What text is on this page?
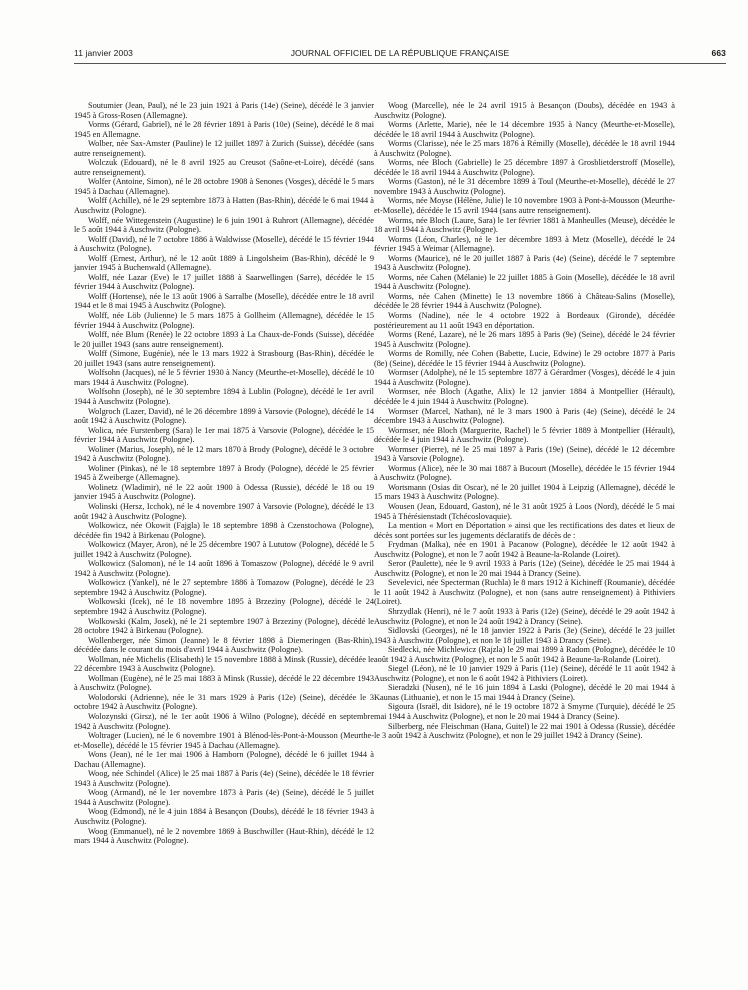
11 janvier 2003	JOURNAL OFFICIEL DE LA RÉPUBLIQUE FRANÇAISE	663

Soutumier (Jean, Paul), né le 23 juin 1921 à Paris (14e) (Seine), décédé le 3 janvier 1945 à Gross-Rosen (Allemagne).

Vorms (Gérard, Gabriel), né le 28 février 1891 à Paris (10e) (Seine), décédé le 8 mai 1945 en Allemagne.

Wolber, née Sax-Amster (Pauline) le 12 juillet 1897 à Zurich (Suisse), décédée (sans autre renseignement).

Wolczuk (Edouard), né le 8 avril 1925 au Creusot (Saône-et-Loire), décédé (sans autre renseignement).

Wolfer (Antoine, Simon), né le 28 octobre 1908 à Senones (Vosges), décédé le 5 mars 1945 à Dachau (Allemagne).

Wolff (Achille), né le 29 septembre 1873 à Hatten (Bas-Rhin), décédé le 6 mai 1944 à Auschwitz (Pologne).

Wolff, née Wittegenstein (Augustine) le 6 juin 1901 à Ruhrort (Allemagne), décédée le 5 août 1944 à Auschwitz (Pologne).

Wolff (David), né le 7 octobre 1886 à Waldwisse (Moselle), décédé le 15 février 1944 à Auschwitz (Pologne).

Wolff (Ernest, Arthur), né le 12 août 1889 à Lingolsheim (Bas-Rhin), décédé le 9 janvier 1945 à Buchenwald (Allemagne).

Wolff, née Lazar (Eve) le 17 juillet 1888 à Saarwellingen (Sarre), décédée le 15 février 1944 à Auschwitz (Pologne).

Wolff (Hortense), née le 13 août 1906 à Sarralbe (Moselle), décédée entre le 18 avril 1944 et le 8 mai 1945 à Auschwitz (Pologne).

Wolff, née Löb (Julienne) le 5 mars 1875 à Gollheim (Allemagne), décédée le 15 février 1944 à Auschwitz (Pologne).

Wolff, née Blum (Renée) le 22 octobre 1893 à La Chaux-de-Fonds (Suisse), décédée le 20 juillet 1943 (sans autre renseignement).

Wolff (Simone, Eugénie), née le 13 mars 1922 à Strasbourg (Bas-Rhin), décédée le 20 juillet 1943 (sans autre renseignement).

Wolfsohn (Jacques), né le 5 février 1930 à Nancy (Meurthe-et-Moselle), décédé le 10 mars 1944 à Auschwitz (Pologne).

Wolfsohn (Joseph), né le 30 septembre 1894 à Lublin (Pologne), décédé le 1er avril 1944 à Auschwitz (Pologne).

Wolgroch (Lazer, David), né le 26 décembre 1899 à Varsovie (Pologne), décédé le 14 août 1942 à Auschwitz (Pologne).

Wolica, née Furstenberg (Sara) le 1er mai 1875 à Varsovie (Pologne), décédée le 15 février 1944 à Auschwitz (Pologne).

Woliner (Marius, Joseph), né le 12 mars 1870 à Brody (Pologne), décédé le 3 octobre 1942 à Auschwitz (Pologne).

Woliner (Pinkas), né le 18 septembre 1897 à Brody (Pologne), décédé le 25 février 1945 à Zweiberge (Allemagne).

Wolinetz (Wladimir), né le 22 août 1900 à Odessa (Russie), décédé le 18 ou 19 janvier 1945 à Auschwitz (Pologne).

Wolinski (Hersz, Icchok), né le 4 novembre 1907 à Varsovie (Pologne), décédé le 13 août 1942 à Auschwitz (Pologne).

Wolkowicz, née Okowit (Fajgla) le 18 septembre 1898 à Czenstochowa (Pologne), décédée fin 1942 à Birkenau (Pologne).

Wolkowicz (Mayer, Aron), né le 25 décembre 1907 à Lututow (Pologne), décédé le 5 juillet 1942 à Auschwitz (Pologne).

Wolkowicz (Salomon), né le 14 août 1896 à Tomaszow (Pologne), décédé le 9 avril 1942 à Auschwitz (Pologne).

Wolkowicz (Yankel), né le 27 septembre 1886 à Tomazow (Pologne), décédé le 23 septembre 1942 à Auschwitz (Pologne).

Wolkowski (Icek), né le 18 novembre 1895 à Brzeziny (Pologne), décédé le 24 septembre 1942 à Auschwitz (Pologne).

Wolkowski (Kalm, Josek), né le 21 septembre 1907 à Brzeziny (Pologne), décédé le 28 octobre 1942 à Birkenau (Pologne).

Wollenberger, née Simon (Jeanne) le 8 février 1898 à Diemeringen (Bas-Rhin), décédée dans le courant du mois d'avril 1944 à Auschwitz (Pologne).

Wollman, née Michelis (Elisabeth) le 15 novembre 1888 à Minsk (Russie), décédée le 22 décembre 1943 à Auschwitz (Pologne).

Wollman (Eugène), né le 25 mai 1883 à Minsk (Russie), décédé le 22 décembre 1943 à Auschwitz (Pologne).

Wolodorski (Adrienne), née le 31 mars 1929 à Paris (12e) (Seine), décédée le 3 octobre 1942 à Auschwitz (Pologne).

Wolozynski (Girsz), né le 1er août 1906 à Wilno (Pologne), décédé en septembre 1942 à Auschwitz (Pologne).

Woltrager (Lucien), né le 6 novembre 1901 à Blénod-lès-Pont-à-Mousson (Meurthe-et-Moselle), décédé le 15 février 1945 à Dachau (Allemagne).

Wons (Jean), né le 1er mai 1906 à Hamborn (Pologne), décédé le 6 juillet 1944 à Dachau (Allemagne).

Woog, née Schindel (Alice) le 25 mai 1887 à Paris (4e) (Seine), décédée le 18 février 1943 à Auschwitz (Pologne).

Woog (Armand), né le 1er novembre 1873 à Paris (4e) (Seine), décédé le 5 juillet 1944 à Auschwitz (Pologne).

Woog (Edmond), né le 4 juin 1884 à Besançon (Doubs), décédé le 18 février 1943 à Auschwitz (Pologne).

Woog (Emmanuel), né le 2 novembre 1869 à Buschwiller (Haut-Rhin), décédé le 12 mars 1944 à Auschwitz (Pologne).

Woog (Marcelle), née le 24 avril 1915 à Besançon (Doubs), décédée en 1943 à Auschwitz (Pologne).

Worms (Arlette, Marie), née le 14 décembre 1935 à Nancy (Meurthe-et-Moselle), décédée le 18 avril 1944 à Auschwitz (Pologne).

Worms (Clarisse), née le 25 mars 1876 à Rémilly (Moselle), décédée le 18 avril 1944 à Auschwitz (Pologne).

Worms, née Bloch (Gabrielle) le 25 décembre 1897 à Grosblietderstroff (Moselle), décédée le 18 avril 1944 à Auschwitz (Pologne).

Worms (Gaston), né le 31 décembre 1899 à Toul (Meurthe-et-Moselle), décédé le 27 novembre 1943 à Auschwitz (Pologne).

Worms, née Moyse (Hélène, Julie) le 10 novembre 1903 à Pont-à-Mousson (Meurthe-et-Moselle), décédée le 15 avril 1944 (sans autre renseignement).

Worms, née Bloch (Laure, Sara) le 1er février 1881 à Manheulles (Meuse), décédée le 18 avril 1944 à Auschwitz (Pologne).

Worms (Léon, Charles), né le 1er décembre 1893 à Metz (Moselle), décédé le 24 février 1945 à Weimar (Allemagne).

Worms (Maurice), né le 20 juillet 1887 à Paris (4e) (Seine), décédé le 7 septembre 1943 à Auschwitz (Pologne).

Worms, née Cahen (Mélanie) le 22 juillet 1885 à Goin (Moselle), décédée le 18 avril 1944 à Auschwitz (Pologne).

Worms, née Cahen (Minette) le 13 novembre 1866 à Château-Salins (Moselle), décédée le 28 février 1944 à Auschwitz (Pologne).

Worms (Nadine), née le 4 octobre 1922 à Bordeaux (Gironde), décédée postérieurement au 11 août 1943 en déportation.

Worms (René, Lazare), né le 26 mars 1895 à Paris (9e) (Seine), décédé le 24 février 1945 à Auschwitz (Pologne).

Worms de Romilly, née Cohen (Babette, Lucie, Edwine) le 29 octobre 1877 à Paris (8e) (Seine), décédée le 15 février 1944 à Auschwitz (Pologne).

Wormser (Adolphe), né le 15 septembre 1877 à Gérardmer (Vosges), décédé le 4 juin 1944 à Auschwitz (Pologne).

Wormser, née Bloch (Agathe, Alix) le 12 janvier 1884 à Montpellier (Hérault), décédée le 4 juin 1944 à Auschwitz (Pologne).

Wormser (Marcel, Nathan), né le 3 mars 1900 à Paris (4e) (Seine), décédé le 24 décembre 1943 à Auschwitz (Pologne).

Wormser, née Bloch (Marguerite, Rachel) le 5 février 1889 à Montpellier (Hérault), décédée le 4 juin 1944 à Auschwitz (Pologne).

Wormser (Pierre), né le 25 mai 1897 à Paris (19e) (Seine), décédé le 12 décembre 1943 à Varsovie (Pologne).

Wormus (Alice), née le 30 mai 1887 à Bucourt (Moselle), décédée le 15 février 1944 à Auschwitz (Pologne).

Wortsmann (Osias dit Oscar), né le 20 juillet 1904 à Leipzig (Allemagne), décédé le 15 mars 1943 à Auschwitz (Pologne).

Wousen (Jean, Edouard, Gaston), né le 31 août 1925 à Loos (Nord), décédé le 5 mai 1945 à Thérésienstadt (Tchécoslovaquie).

La mention « Mort en Déportation » ainsi que les rectifications des dates et lieux de décès sont portées sur les jugements déclaratifs de décès de :

Frydman (Malka), née en 1901 à Pacanow (Pologne), décédée le 12 août 1942 à Auschwitz (Pologne), et non le 7 août 1942 à Beaune-la-Rolande (Loiret).

Seror (Paulette), née le 9 avril 1933 à Paris (12e) (Seine), décédée le 25 mai 1944 à Auschwitz (Pologne), et non le 20 mai 1944 à Drancy (Seine).

Sevelevici, née Specterman (Ruchla) le 8 mars 1912 à Kichineff (Roumanie), décédée le 11 août 1942 à Auschwitz (Pologne), et non (sans autre renseignement) à Pithiviers (Loiret).

Shrzydlak (Henri), né le 7 août 1933 à Paris (12e) (Seine), décédé le 29 août 1942 à Auschwitz (Pologne), et non le 24 août 1942 à Drancy (Seine).

Sidlovski (Georges), né le 18 janvier 1922 à Paris (3e) (Seine), décédé le 23 juillet 1943 à Auschwitz (Pologne), et non le 18 juillet 1943 à Drancy (Seine).

Siedlecki, née Michlewicz (Rajzla) le 29 mai 1899 à Radom (Pologne), décédée le 10 août 1942 à Auschwitz (Pologne), et non le 5 août 1942 à Beaune-la-Rolande (Loiret).

Siegel (Léon), né le 10 janvier 1929 à Paris (11e) (Seine), décédé le 11 août 1942 à Auschwitz (Pologne), et non le 6 août 1942 à Pithiviers (Loiret).

Sieradzki (Nusen), né le 16 juin 1894 à Laski (Pologne), décédé le 20 mai 1944 à Kaunas (Lithuanie), et non le 15 mai 1944 à Drancy (Seine).

Sigoura (Israël, dit Isidore), né le 19 octobre 1872 à Smyrne (Turquie), décédé le 25 mai 1944 à Auschwitz (Pologne), et non le 20 mai 1944 à Drancy (Seine).

Silberberg, née Fleischman (Hana, Guitel) le 22 mai 1901 à Odessa (Russie), décédée le 3 août 1942 à Auschwitz (Pologne), et non le 29 juillet 1942 à Drancy (Seine).
